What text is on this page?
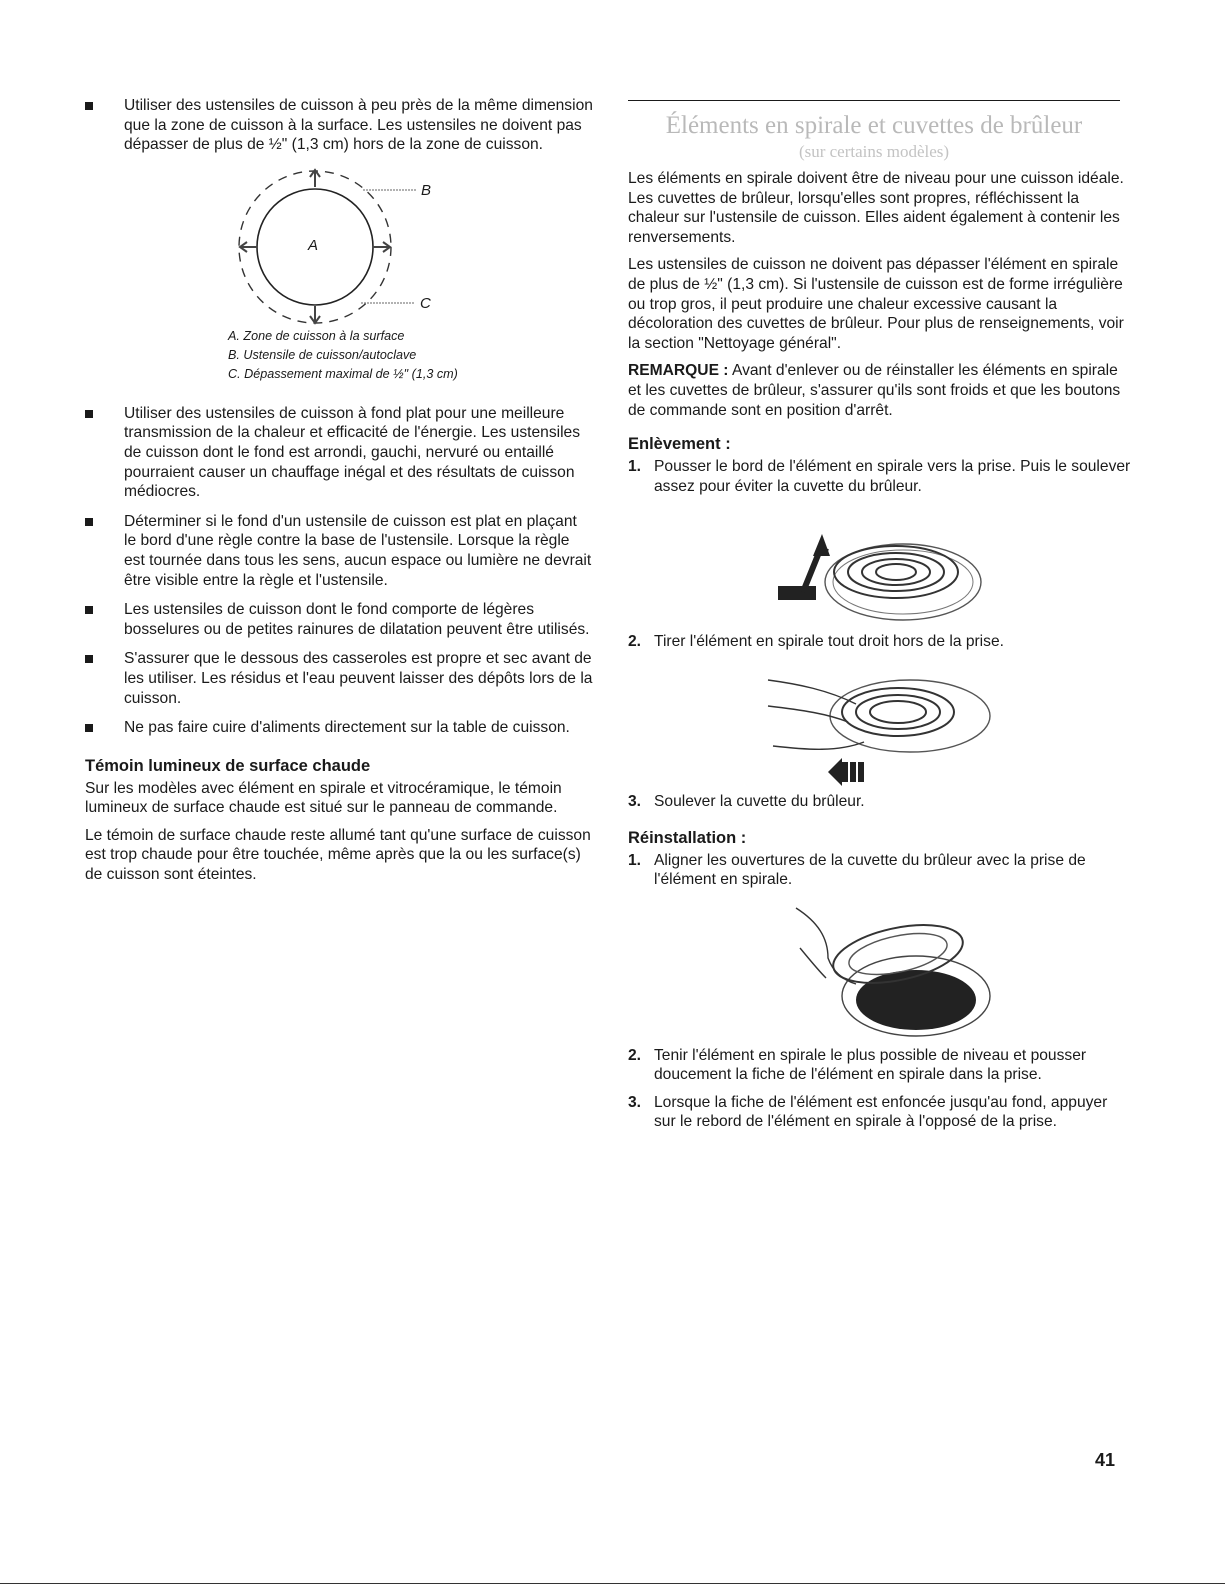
Utiliser des ustensiles de cuisson à peu près de la même dimension que la zone de cuisson à la surface. Les ustensiles ne doivent pas dépasser de plus de ½" (1,3 cm) hors de la zone de cuisson.
A
B
C

A. Zone de cuisson à la surface

B. Ustensile de cuisson/autoclave

C. Dépassement maximal de ½" (1,3 cm)

Utiliser des ustensiles de cuisson à fond plat pour une meilleure transmission de la chaleur et efficacité de l'énergie. Les ustensiles de cuisson dont le fond est arrondi, gauchi, nervuré ou entaillé pourraient causer un chauffage inégal et des résultats de cuisson médiocres.
Déterminer si le fond d'un ustensile de cuisson est plat en plaçant le bord d'une règle contre la base de l'ustensile. Lorsque la règle est tournée dans tous les sens, aucun espace ou lumière ne devrait être visible entre la règle et l'ustensile.
Les ustensiles de cuisson dont le fond comporte de légères bosselures ou de petites rainures de dilatation peuvent être utilisés.
S'assurer que le dessous des casseroles est propre et sec avant de les utiliser. Les résidus et l'eau peuvent laisser des dépôts lors de la cuisson.
Ne pas faire cuire d'aliments directement sur la table de cuisson.
Témoin lumineux de surface chaude

Sur les modèles avec élément en spirale et vitrocéramique, le témoin lumineux de surface chaude est situé sur le panneau de commande.

Le témoin de surface chaude reste allumé tant qu'une surface de cuisson est trop chaude pour être touchée, même après que la ou les surface(s) de cuisson sont éteintes.

Éléments en spirale et cuvettes de brûleur
(sur certains modèles)

Les éléments en spirale doivent être de niveau pour une cuisson idéale. Les cuvettes de brûleur, lorsqu'elles sont propres, réfléchissent la chaleur sur l'ustensile de cuisson. Elles aident également à contenir les renversements.

Les ustensiles de cuisson ne doivent pas dépasser l'élément en spirale de plus de ½" (1,3 cm). Si l'ustensile de cuisson est de forme irrégulière ou trop gros, il peut produire une chaleur excessive causant la décoloration des cuvettes de brûleur. Pour plus de renseignements, voir la section "Nettoyage général".

REMARQUE : Avant d'enlever ou de réinstaller les éléments en spirale et les cuvettes de brûleur, s'assurer qu'ils sont froids et que les boutons de commande sont en position d'arrêt.

Enlèvement :
1. Pousser le bord de l'élément en spirale vers la prise. Puis le soulever assez pour éviter la cuvette du brûleur.
2. Tirer l'élément en spirale tout droit hors de la prise.
3. Soulever la cuvette du brûleur.
Réinstallation :
1. Aligner les ouvertures de la cuvette du brûleur avec la prise de l'élément en spirale.
2. Tenir l'élément en spirale le plus possible de niveau et pousser doucement la fiche de l'élément en spirale dans la prise.
3. Lorsque la fiche de l'élément est enfoncée jusqu'au fond, appuyer sur le rebord de l'élément en spirale à l'opposé de la prise.
41
